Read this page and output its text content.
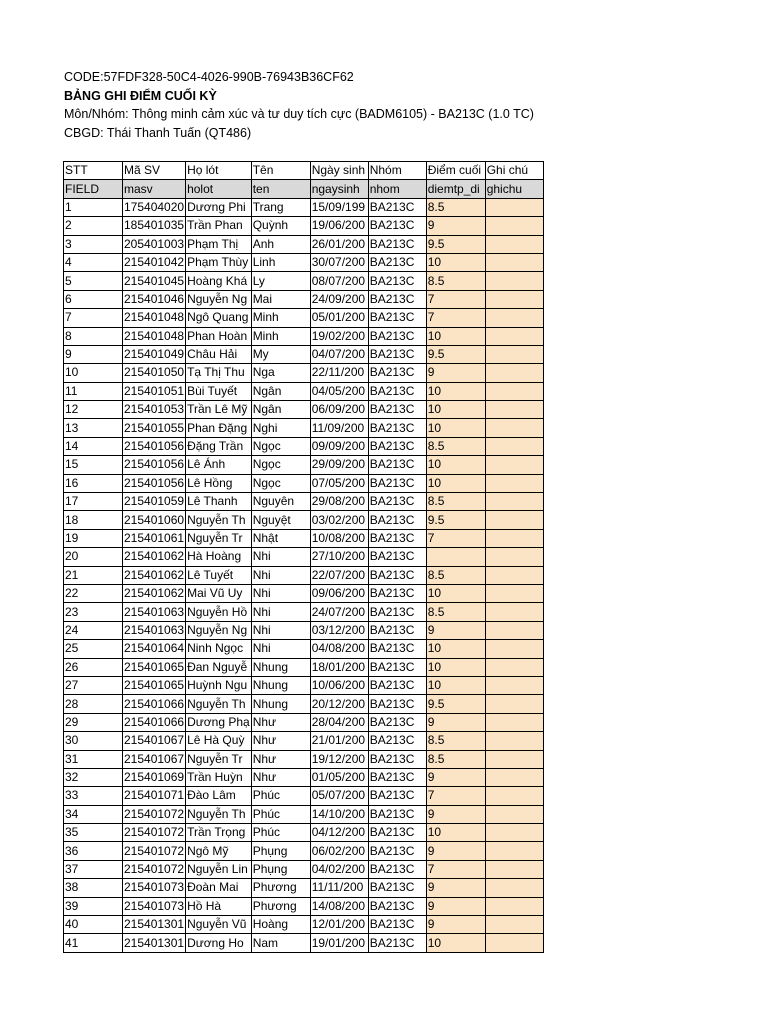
CODE:57FDF328-50C4-4026-990B-76943B36CF62
BẢNG GHI ĐIỂM CUỐI KỲ
Môn/Nhóm: Thông minh cảm xúc và tư duy tích cực (BADM6105) - BA213C (1.0 TC)
CBGD: Thái Thanh Tuấn (QT486)
STT	Mã SV	Họ lót	Tên	Ngày sinh	Nhóm	Điểm cuối	Ghi chú
FIELD	masv	holot	ten	ngaysinh	nhom	diemtp_di	ghichu
1	175404020	Dương Phi	Trang	15/09/199	BA213C	8.5	
2	185401035	Trần Phan	Quỳnh	19/06/200	BA213C	9	
3	205401003	Phạm Thị	Anh	26/01/200	BA213C	9.5	
4	215401042	Phạm Thùy	Linh	30/07/200	BA213C	10	
5	215401045	Hoàng Khá	Ly	08/07/200	BA213C	8.5	
6	215401046	Nguyễn Ng	Mai	24/09/200	BA213C	7	
7	215401048	Ngô Quang	Minh	05/01/200	BA213C	7	
8	215401048	Phan Hoàn	Minh	19/02/200	BA213C	10	
9	215401049	Châu Hải	My	04/07/200	BA213C	9.5	
10	215401050	Tạ Thị Thu	Nga	22/11/200	BA213C	9	
11	215401051	Bùi Tuyết	Ngân	04/05/200	BA213C	10	
12	215401053	Trần Lê Mỹ	Ngân	06/09/200	BA213C	10	
13	215401055	Phan Đặng	Nghi	11/09/200	BA213C	10	
14	215401056	Đặng Trần	Ngọc	09/09/200	BA213C	8.5	
15	215401056	Lê Ánh	Ngọc	29/09/200	BA213C	10	
16	215401056	Lê Hồng	Ngọc	07/05/200	BA213C	10	
17	215401059	Lê Thanh	Nguyên	29/08/200	BA213C	8.5	
18	215401060	Nguyễn Th	Nguyệt	03/02/200	BA213C	9.5	
19	215401061	Nguyễn Tr	Nhật	10/08/200	BA213C	7	
20	215401062	Hà Hoàng	Nhi	27/10/200	BA213C		
21	215401062	Lê Tuyết	Nhi	22/07/200	BA213C	8.5	
22	215401062	Mai Vũ Uy	Nhi	09/06/200	BA213C	10	
23	215401063	Nguyễn Hồ	Nhi	24/07/200	BA213C	8.5	
24	215401063	Nguyễn Ng	Nhi	03/12/200	BA213C	9	
25	215401064	Ninh Ngọc	Nhi	04/08/200	BA213C	10	
26	215401065	Đan Nguyễ	Nhung	18/01/200	BA213C	10	
27	215401065	Huỳnh Ngu	Nhung	10/06/200	BA213C	10	
28	215401066	Nguyễn Th	Nhung	20/12/200	BA213C	9.5	
29	215401066	Dương Phạ	Như	28/04/200	BA213C	9	
30	215401067	Lê Hà Quỳ	Như	21/01/200	BA213C	8.5	
31	215401067	Nguyễn Tr	Như	19/12/200	BA213C	8.5	
32	215401069	Trần Huỳn	Như	01/05/200	BA213C	9	
33	215401071	Đào Lâm	Phúc	05/07/200	BA213C	7	
34	215401072	Nguyễn Th	Phúc	14/10/200	BA213C	9	
35	215401072	Trần Trọng	Phúc	04/12/200	BA213C	10	
36	215401072	Ngô Mỹ	Phụng	06/02/200	BA213C	9	
37	215401072	Nguyễn Lin	Phụng	04/02/200	BA213C	7	
38	215401073	Đoàn Mai	Phương	11/11/200	BA213C	9	
39	215401073	Hồ Hà	Phương	14/08/200	BA213C	9	
40	215401301	Nguyễn Vũ	Hoàng	12/01/200	BA213C	9	
41	215401301	Dương Ho	Nam	19/01/200	BA213C	10	
